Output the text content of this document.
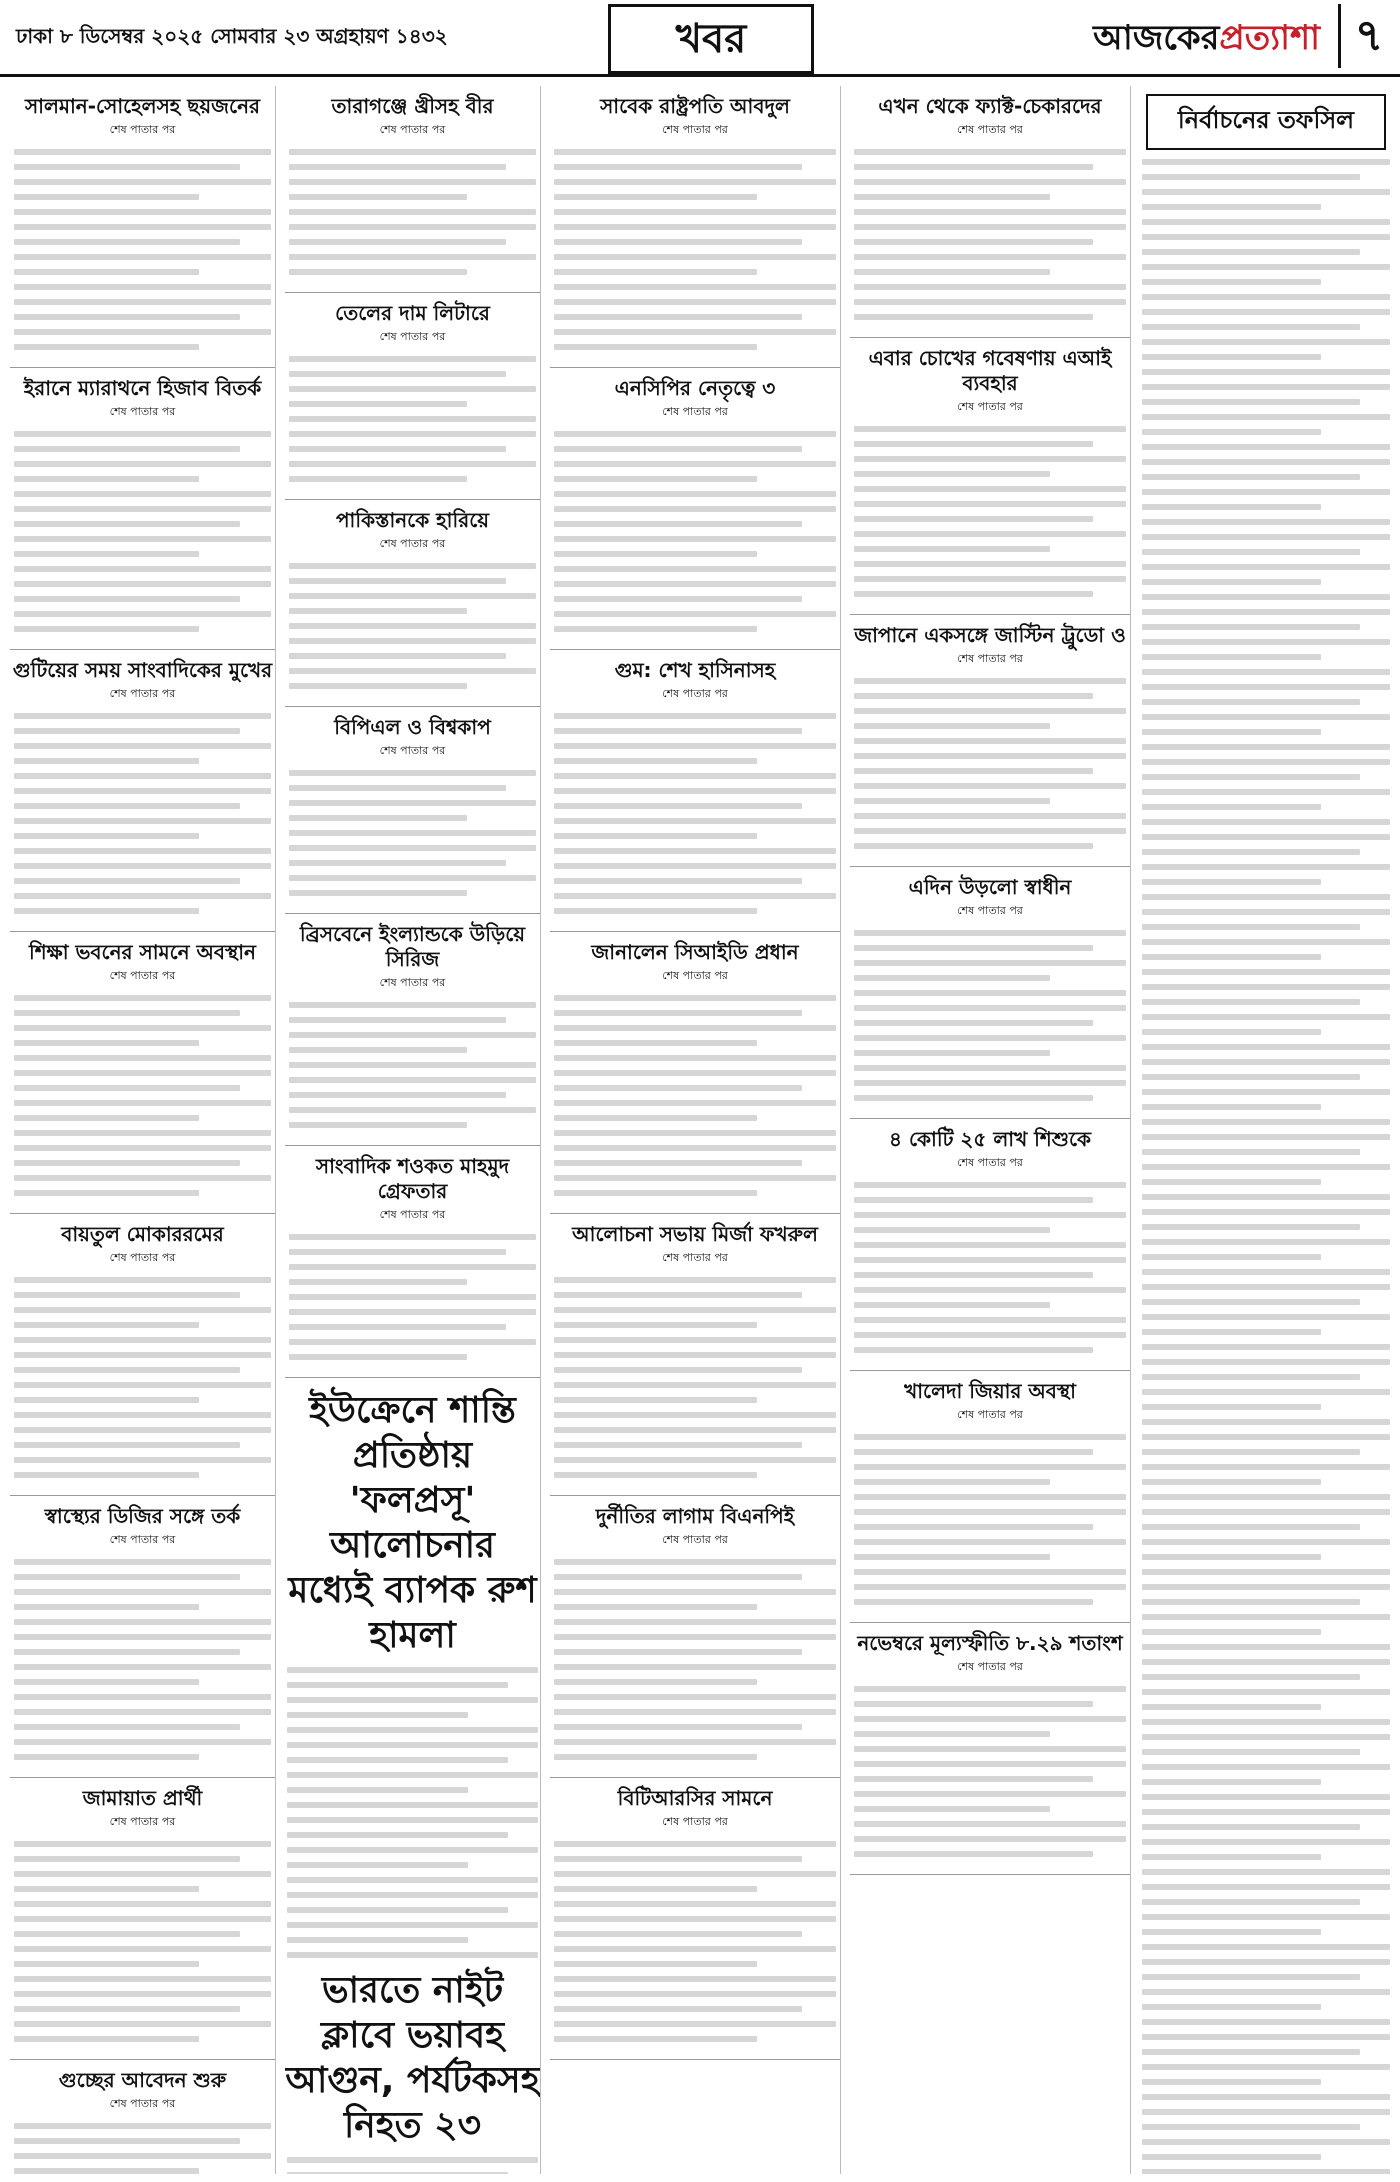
ঢাকা ৮ ডিসেম্বর ২০২৫ সোমবার ২৩ অগ্রহায়ণ ১৪৩২	খবর	আজকেরপ্রত্যাশা ৭
সালমান-সোহেলসহ ছয়জনের
শেষ পাতার পর
ইরানে ম্যারাথনে হিজাব বিতর্ক
শেষ পাতার পর
গুটিয়ের সময় সাংবাদিকের মুখের
শেষ পাতার পর
শিক্ষা ভবনের সামনে অবস্থান
শেষ পাতার পর
বায়তুল মোকাররমের
শেষ পাতার পর
স্বাস্থ্যের ডিজির সঙ্গে তর্ক
শেষ পাতার পর
জামায়াত প্রার্থী
শেষ পাতার পর
গুচ্ছের আবেদন শুরু
শেষ পাতার পর
তারাগঞ্জে খ্রীসহ বীর
শেষ পাতার পর
তেলের দাম লিটারে
শেষ পাতার পর
পাকিস্তানকে হারিয়ে
শেষ পাতার পর
বিপিএল ও বিশ্বকাপ
শেষ পাতার পর
ব্রিসবেনে ইংল্যান্ডকে উড়িয়ে সিরিজ
শেষ পাতার পর
সাংবাদিক শওকত মাহমুদ গ্রেফতার
শেষ পাতার পর
ইউক্রেনে শান্তি প্রতিষ্ঠায় 'ফলপ্রসূ' আলোচনার মধ্যেই ব্যাপক রুশ হামলা
ভারতে নাইট ক্লাবে ভয়াবহ আগুন, পর্যটকসহ নিহত ২৩
সাবেক রাষ্ট্রপতি আবদুল
শেষ পাতার পর
এনসিপির নেতৃত্বে ৩
শেষ পাতার পর
গুম: শেখ হাসিনাসহ
শেষ পাতার পর
জানালেন সিআইডি প্রধান
শেষ পাতার পর
আলোচনা সভায় মির্জা ফখরুল
শেষ পাতার পর
দুর্নীতির লাগাম বিএনপিই
শেষ পাতার পর
বিটিআরসির সামনে
শেষ পাতার পর
এখন থেকে ফ্যাক্ট-চেকারদের
শেষ পাতার পর
এবার চোখের গবেষণায় এআই ব্যবহার
শেষ পাতার পর
জাপানে একসঙ্গে জাস্টিন ট্রুডো ও
শেষ পাতার পর
এদিন উড়লো স্বাধীন
শেষ পাতার পর
৪ কোটি ২৫ লাখ শিশুকে
শেষ পাতার পর
খালেদা জিয়ার অবস্থা
শেষ পাতার পর
নভেম্বরে মূল্যস্ফীতি ৮.২৯ শতাংশ
শেষ পাতার পর
নির্বাচনের তফসিল
